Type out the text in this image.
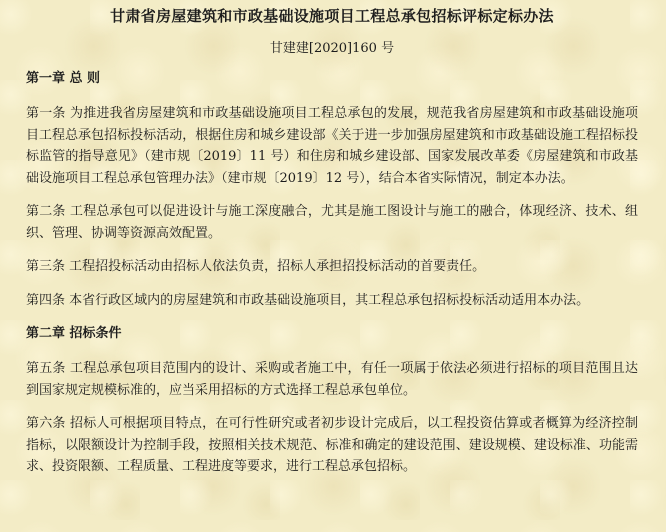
甘肃省房屋建筑和市政基础设施项目工程总承包招标评标定标办法
甘建建[2020]160 号
第一章 总 则

第一条 为推进我省房屋建筑和市政基础设施项目工程总承包的发展，规范我省房屋建筑和市政基础设施项目工程总承包招标投标活动，根据住房和城乡建设部《关于进一步加强房屋建筑和市政基础设施工程招标投标监管的指导意见》（建市规〔2019〕11 号）和住房和城乡建设部、国家发展改革委《房屋建筑和市政基础设施项目工程总承包管理办法》（建市规〔2019〕12 号），结合本省实际情况，制定本办法。

第二条 工程总承包可以促进设计与施工深度融合，尤其是施工图设计与施工的融合，体现经济、技术、组织、管理、协调等资源高效配置。

第三条 工程招投标活动由招标人依法负责，招标人承担招投标活动的首要责任。

第四条 本省行政区域内的房屋建筑和市政基础设施项目，其工程总承包招标投标活动适用本办法。

第二章 招标条件

第五条 工程总承包项目范围内的设计、采购或者施工中，有任一项属于依法必须进行招标的项目范围且达到国家规定规模标准的，应当采用招标的方式选择工程总承包单位。

第六条 招标人可根据项目特点，在可行性研究或者初步设计完成后，以工程投资估算或者概算为经济控制指标，以限额设计为控制手段，按照相关技术规范、标准和确定的建设范围、建设规模、建设标准、功能需求、投资限额、工程质量、工程进度等要求，进行工程总承包招标。
